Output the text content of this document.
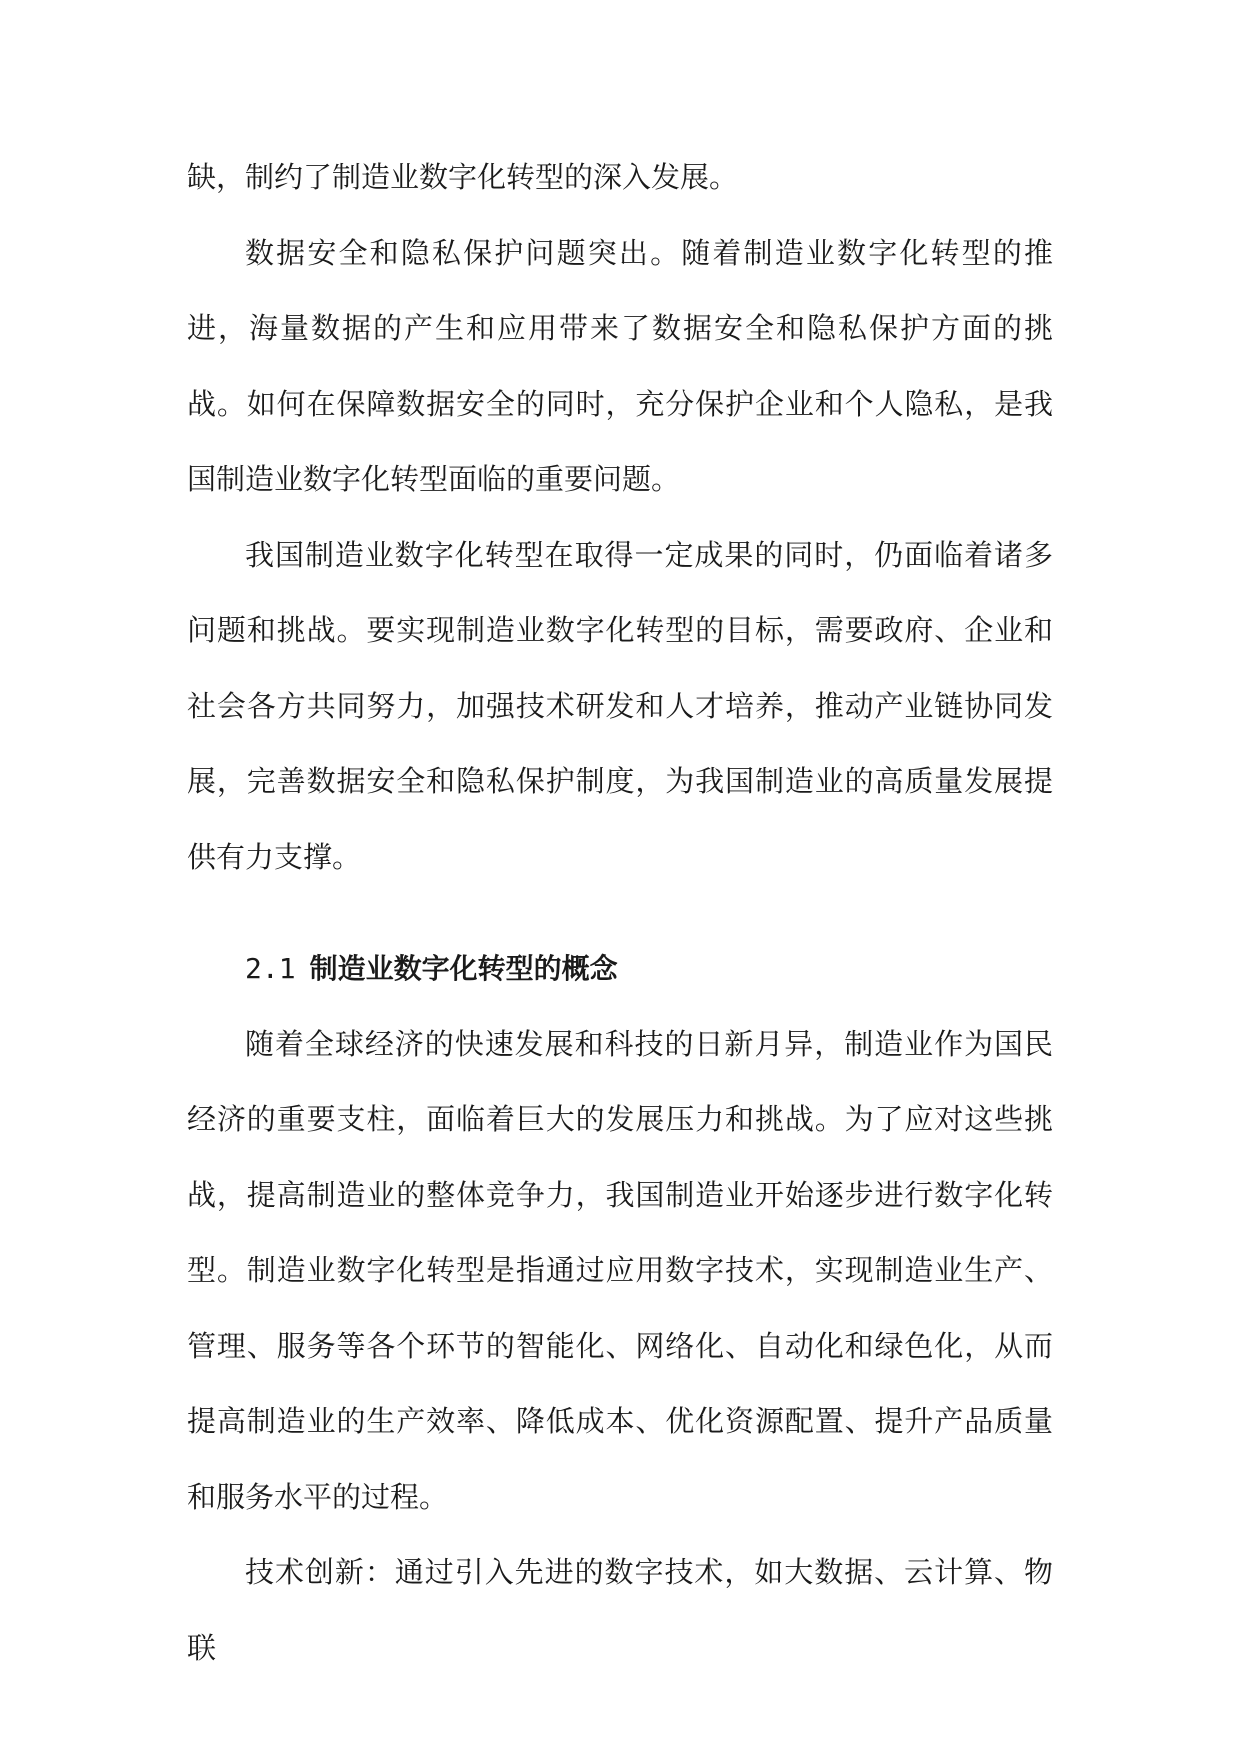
缺，制约了制造业数字化转型的深入发展。

数据安全和隐私保护问题突出。随着制造业数字化转型的推进，海量数据的产生和应用带来了数据安全和隐私保护方面的挑战。如何在保障数据安全的同时，充分保护企业和个人隐私，是我国制造业数字化转型面临的重要问题。

我国制造业数字化转型在取得一定成果的同时，仍面临着诸多问题和挑战。要实现制造业数字化转型的目标，需要政府、企业和社会各方共同努力，加强技术研发和人才培养，推动产业链协同发展，完善数据安全和隐私保护制度，为我国制造业的高质量发展提供有力支撑。

2.1 制造业数字化转型的概念

随着全球经济的快速发展和科技的日新月异，制造业作为国民经济的重要支柱，面临着巨大的发展压力和挑战。为了应对这些挑战，提高制造业的整体竞争力，我国制造业开始逐步进行数字化转型。制造业数字化转型是指通过应用数字技术，实现制造业生产、管理、服务等各个环节的智能化、网络化、自动化和绿色化，从而提高制造业的生产效率、降低成本、优化资源配置、提升产品质量和服务水平的过程。

技术创新：通过引入先进的数字技术，如大数据、云计算、物联
